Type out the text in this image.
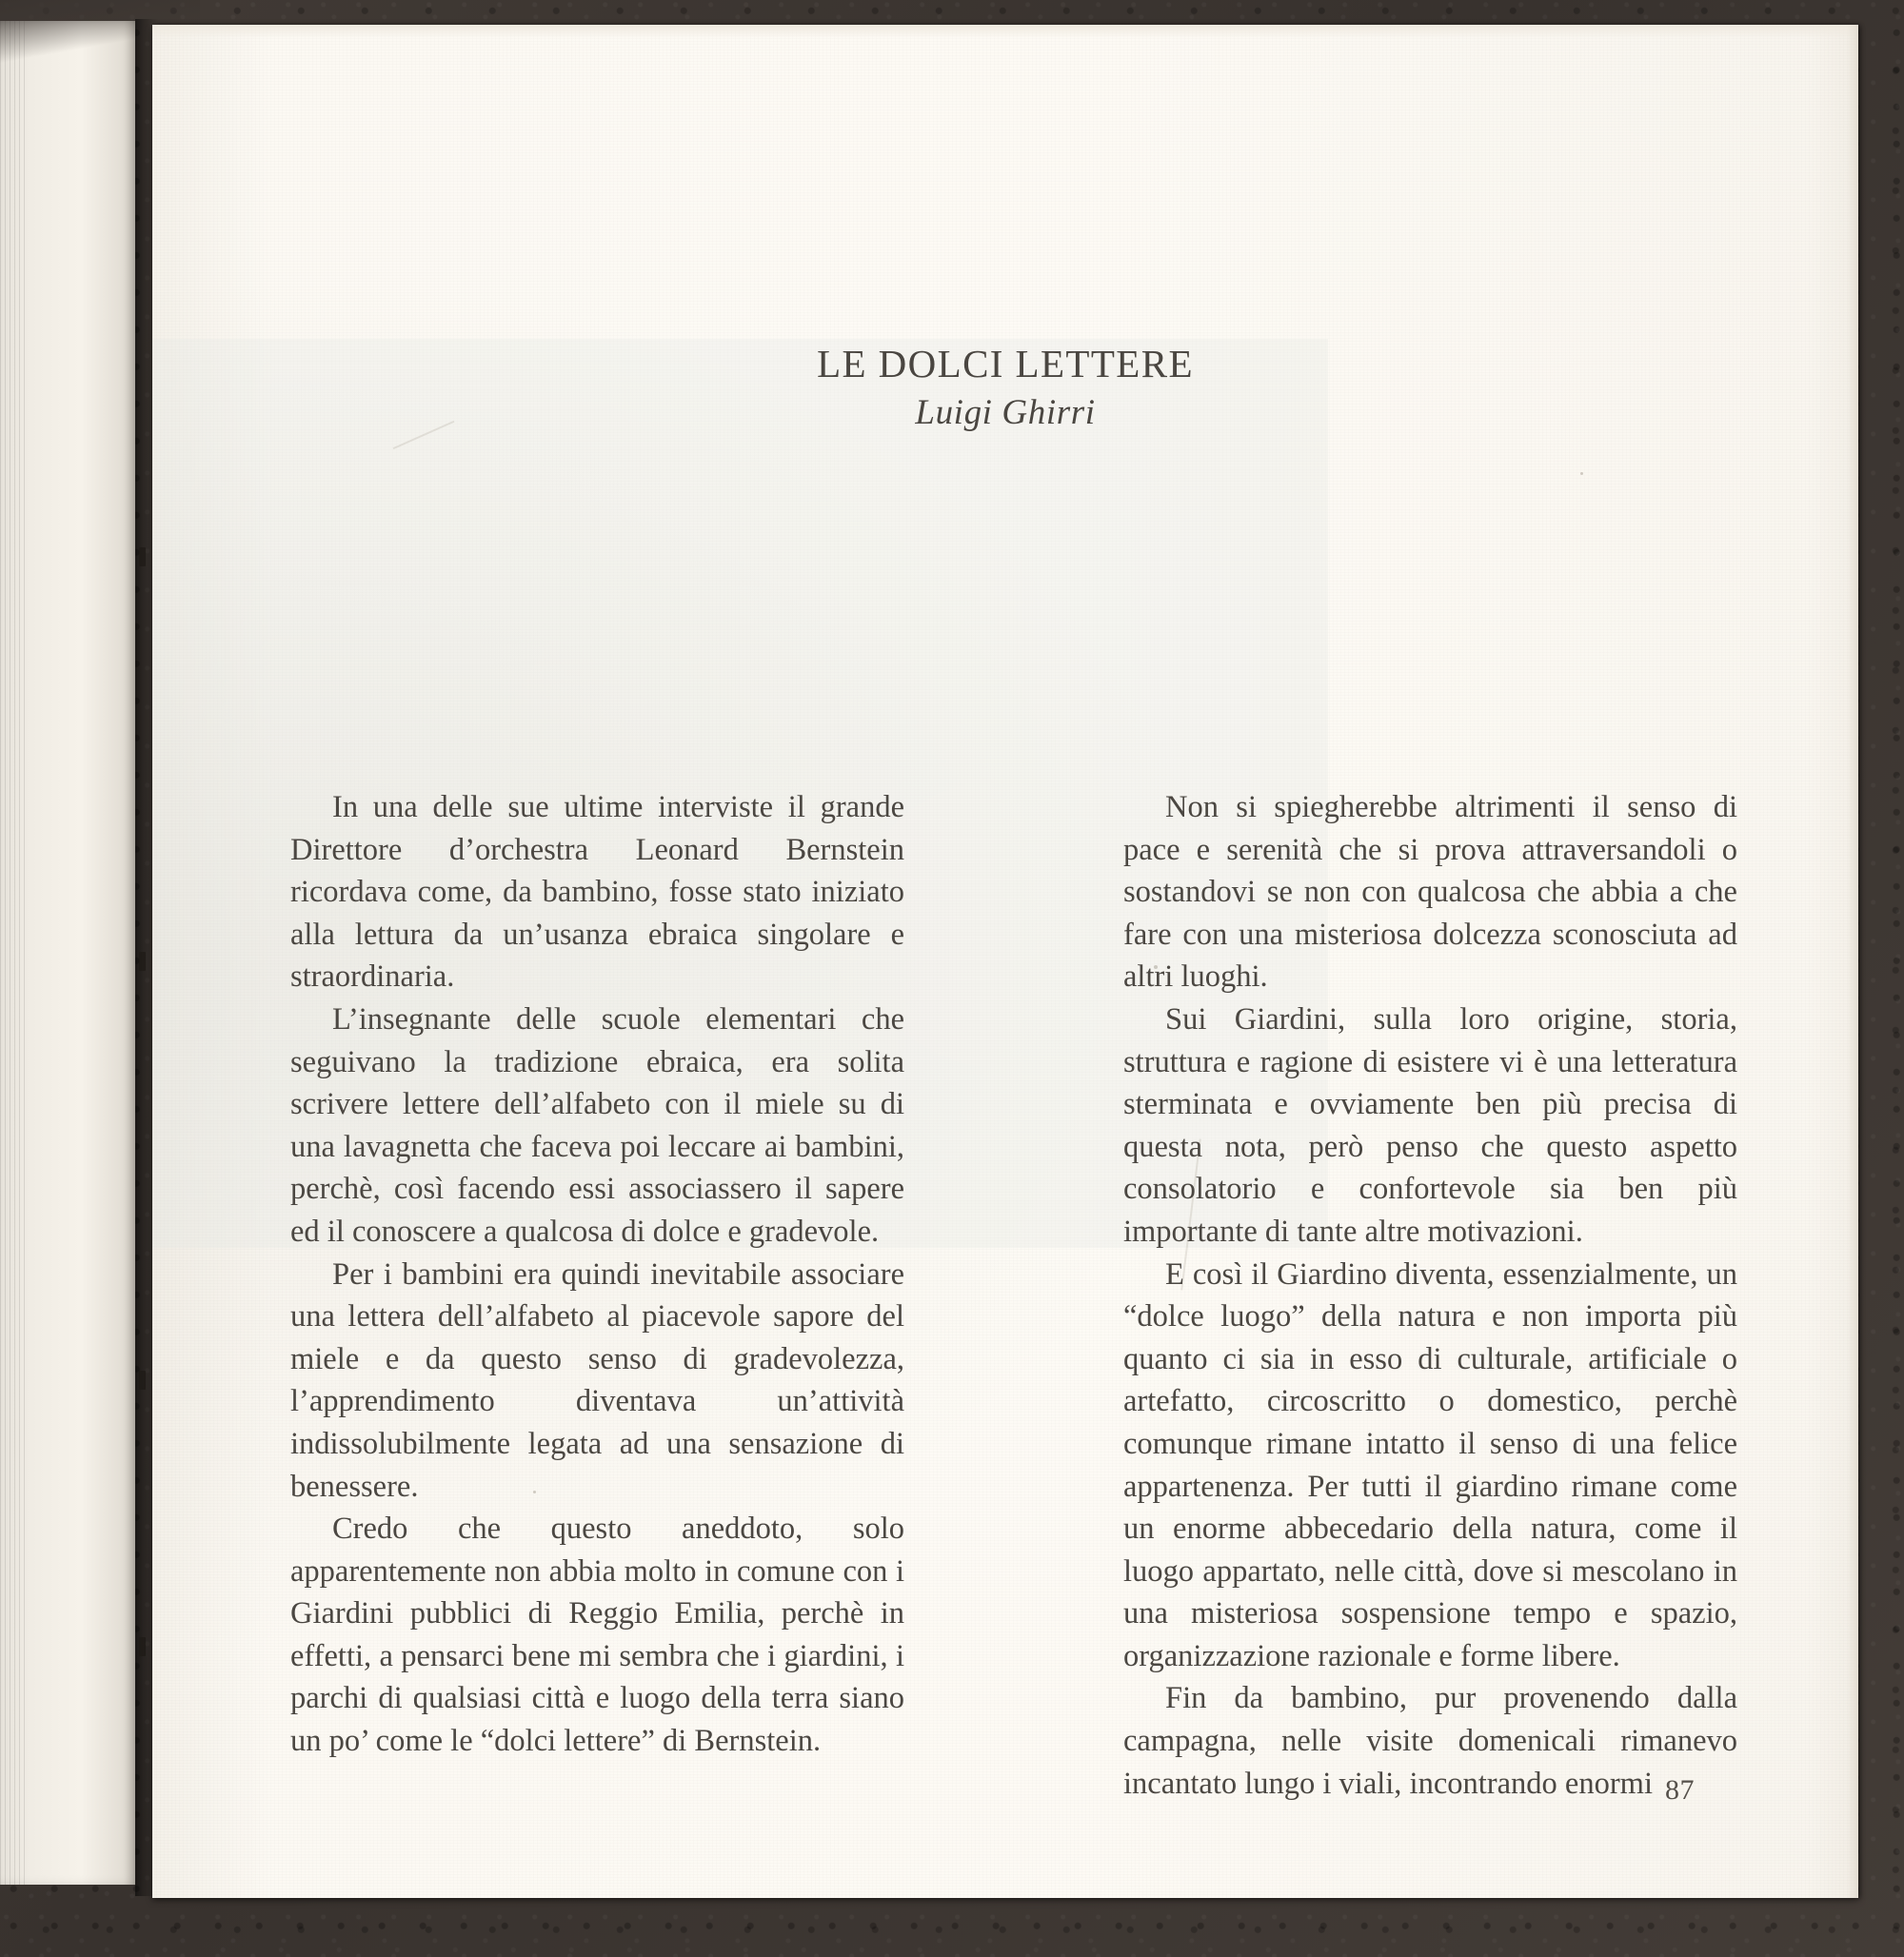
LE DOLCI LETTERE
Luigi Ghirri

In una delle sue ultime interviste il grande Direttore d’orchestra Leonard Bernstein ricordava come, da bambino, fosse stato iniziato alla lettura da un’usanza ebraica singolare e straordinaria.

L’insegnante delle scuole elementari che seguivano la tradizione ebraica, era solita scrivere lettere dell’alfabeto con il miele su di una lavagnetta che faceva poi leccare ai bambini, perchè, così facendo essi associassero il sapere ed il conoscere a qualcosa di dolce e gradevole.

Per i bambini era quindi inevitabile associare una lettera dell’alfabeto al piacevole sapore del miele e da questo senso di gradevolezza, l’apprendimento diventava un’attività indissolubilmente legata ad una sensazione di benessere.

Credo che questo aneddoto, solo apparentemente non abbia molto in comune con i Giardini pubblici di Reggio Emilia, perchè in effetti, a pensarci bene mi sembra che i giardini, i parchi di qualsiasi città e luogo della terra siano un po’ come le “dolci lettere” di Bernstein.

Non si spiegherebbe altrimenti il senso di pace e serenità che si prova attraversandoli o sostandovi se non con qualcosa che abbia a che fare con una misteriosa dolcezza sconosciuta ad altri luoghi.

Sui Giardini, sulla loro origine, storia, struttura e ragione di esistere vi è una letteratura sterminata e ovviamente ben più precisa di questa nota, però penso che questo aspetto consolatorio e confortevole sia ben più importante di tante altre motivazioni.

E così il Giardino diventa, essenzialmente, un “dolce luogo” della natura e non importa più quanto ci sia in esso di culturale, artificiale o artefatto, circoscritto o domestico, perchè comunque rimane intatto il senso di una felice appartenenza. Per tutti il giardino rimane come un enorme abbecedario della natura, come il luogo appartato, nelle città, dove si mescolano in una misteriosa sospensione tempo e spazio, organizzazione razionale e forme libere.

Fin da bambino, pur provenendo dalla campagna, nelle visite domenicali rimanevo incantato lungo i viali, incontrando enormi 87
